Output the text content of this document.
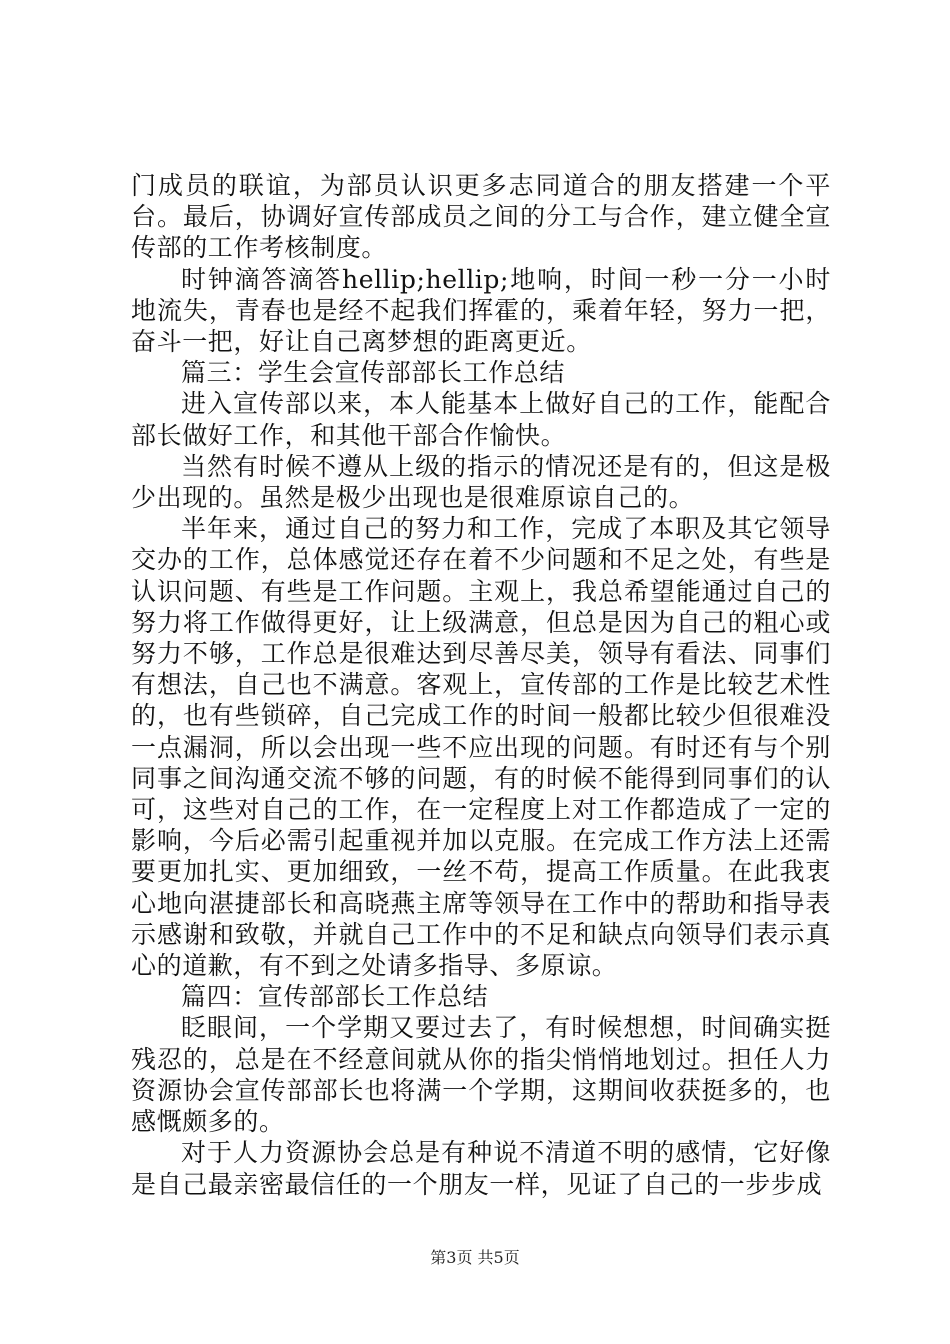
门成员的联谊，为部员认识更多志同道合的朋友搭建一个平台。最后，协调好宣传部成员之间的分工与合作，建立健全宣传部的工作考核制度。

时钟滴答滴答hellip;hellip;地响，时间一秒一分一小时地流失，青春也是经不起我们挥霍的，乘着年轻，努力一把，奋斗一把，好让自己离梦想的距离更近。

篇三：学生会宣传部部长工作总结

进入宣传部以来，本人能基本上做好自己的工作，能配合部长做好工作，和其他干部合作愉快。

当然有时候不遵从上级的指示的情况还是有的，但这是极少出现的。虽然是极少出现也是很难原谅自己的。

半年来，通过自己的努力和工作，完成了本职及其它领导交办的工作，总体感觉还存在着不少问题和不足之处，有些是认识问题、有些是工作问题。主观上，我总希望能通过自己的努力将工作做得更好，让上级满意，但总是因为自己的粗心或努力不够，工作总是很难达到尽善尽美，领导有看法、同事们有想法，自己也不满意。客观上，宣传部的工作是比较艺术性的，也有些锁碎，自己完成工作的时间一般都比较少但很难没一点漏洞，所以会出现一些不应出现的问题。有时还有与个别同事之间沟通交流不够的问题，有的时候不能得到同事们的认可，这些对自己的工作，在一定程度上对工作都造成了一定的影响，今后必需引起重视并加以克服。在完成工作方法上还需要更加扎实、更加细致，一丝不苟，提高工作质量。在此我衷心地向湛捷部长和高晓燕主席等领导在工作中的帮助和指导表示感谢和致敬，并就自己工作中的不足和缺点向领导们表示真心的道歉，有不到之处请多指导、多原谅。

篇四：宣传部部长工作总结

眨眼间，一个学期又要过去了，有时候想想，时间确实挺残忍的，总是在不经意间就从你的指尖悄悄地划过。担任人力资源协会宣传部部长也将满一个学期，这期间收获挺多的，也感慨颇多的。

对于人力资源协会总是有种说不清道不明的感情，它好像是自己最亲密最信任的一个朋友一样，见证了自己的一步步成

第3页 共5页
